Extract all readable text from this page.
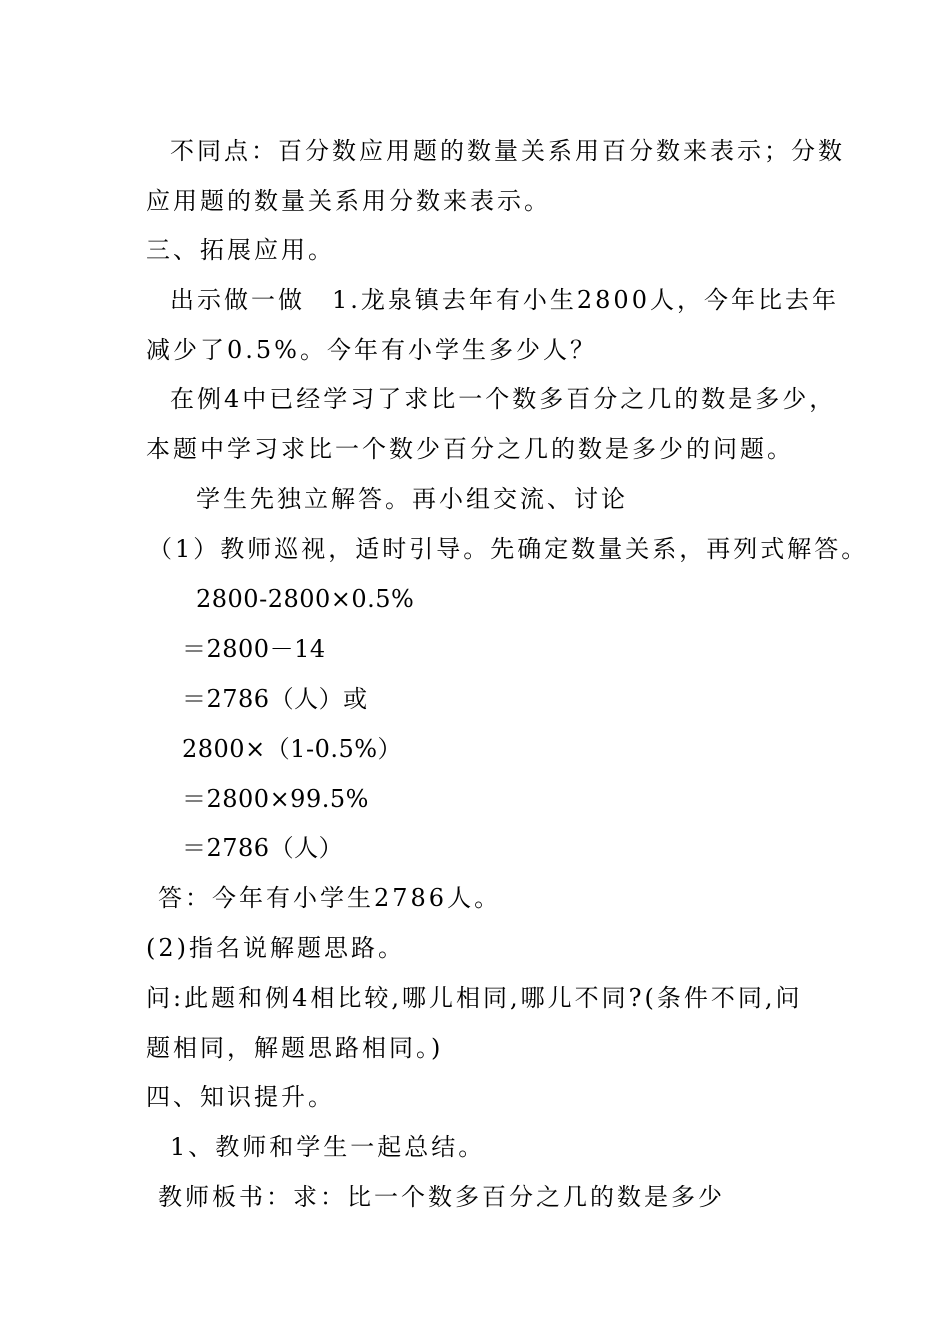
不同点：百分数应用题的数量关系用百分数来表示；分数
应用题的数量关系用分数来表示。
三、拓展应用。
出示做一做　1.龙泉镇去年有小生2800人，今年比去年
减少了0.5%。今年有小学生多少人？
在例4中已经学习了求比一个数多百分之几的数是多少，
本题中学习求比一个数少百分之几的数是多少的问题。
学生先独立解答。再小组交流、讨论
（1）教师巡视，适时引导。先确定数量关系，再列式解答。
2800-2800×0.5%
＝2800－14
＝2786（人）或
2800×（1-0.5%）
＝2800×99.5%
＝2786（人）
答：今年有小学生2786人。
(2)指名说解题思路。
问:此题和例4相比较,哪儿相同,哪儿不同?(条件不同,问
题相同，解题思路相同。)
四、知识提升。
1、教师和学生一起总结。
教师板书：求：比一个数多百分之几的数是多少
